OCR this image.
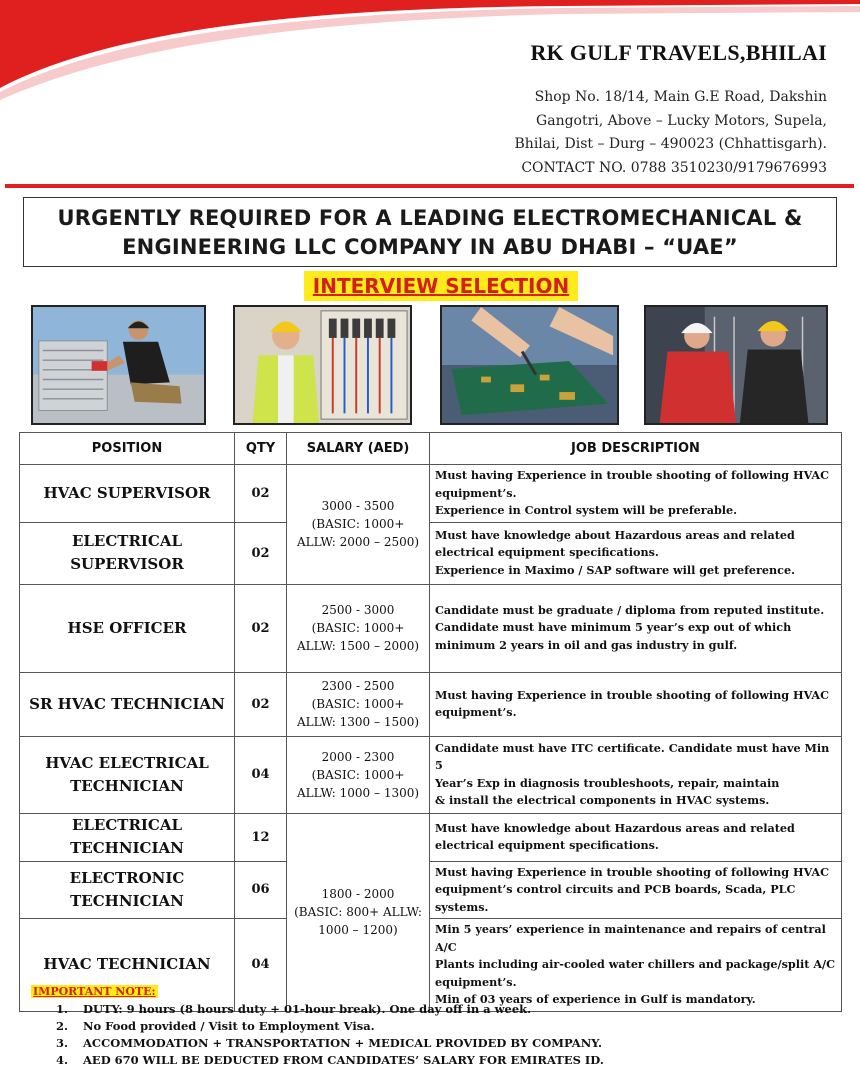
RK GULF TRAVELS,BHILAI
Shop No. 18/14, Main G.E Road, Dakshin
Gangotri, Above – Lucky Motors, Supela,
Bhilai, Dist – Durg – 490023 (Chhattisgarh).
CONTACT NO. 0788 3510230/9179676993
URGENTLY REQUIRED FOR A LEADING ELECTROMECHANICAL &
ENGINEERING LLC COMPANY IN ABU DHABI – “UAE”
INTERVIEW SELECTION
POSITION	QTY	SALARY (AED)	JOB DESCRIPTION
HVAC SUPERVISOR	02	3000 - 3500
(BASIC: 1000+
ALLW: 2000 – 2500)	Must having Experience in trouble shooting of following HVAC
equipment’s.
Experience in Control system will be preferable.

ELECTRICAL
SUPERVISOR	02		Must have knowledge about Hazardous areas and related
electrical equipment specifications.
Experience in Maximo / SAP software will get preference.

HSE OFFICER	02	2500 - 3000
(BASIC: 1000+
ALLW: 1500 – 2000)	Candidate must be graduate / diploma from reputed institute.
Candidate must have minimum 5 year’s exp out of which
minimum 2 years in oil and gas industry in gulf.

SR HVAC TECHNICIAN	02	2300 - 2500
(BASIC: 1000+
ALLW: 1300 – 1500)	Must having Experience in trouble shooting of following HVAC
equipment’s.

HVAC ELECTRICAL
TECHNICIAN	04	2000 - 2300
(BASIC: 1000+
ALLW: 1000 – 1300)	Candidate must have ITC certificate. Candidate must have Min 5
Year’s Exp in diagnosis troubleshoots, repair, maintain
& install the electrical components in HVAC systems.

ELECTRICAL
TECHNICIAN	12	1800 - 2000
(BASIC: 800+ ALLW:
1000 – 1200)	Must have knowledge about Hazardous areas and related
electrical equipment specifications.

ELECTRONIC
TECHNICIAN	06		Must having Experience in trouble shooting of following HVAC
equipment’s control circuits and PCB boards, Scada, PLC systems.

HVAC TECHNICIAN	04		Min 5 years’ experience in maintenance and repairs of central A/C
Plants including air-cooled water chillers and package/split A/C
equipment’s.
Min of 03 years of experience in Gulf is mandatory.
IMPORTANT NOTE:
1.	DUTY: 9 hours (8 hours duty + 01-hour break). One day off in a week.
2.	No Food provided / Visit to Employment Visa.
3.	ACCOMMODATION + TRANSPORTATION + MEDICAL PROVIDED BY COMPANY.
4.	AED 670 WILL BE DEDUCTED FROM CANDIDATES’ SALARY FOR EMIRATES ID.
